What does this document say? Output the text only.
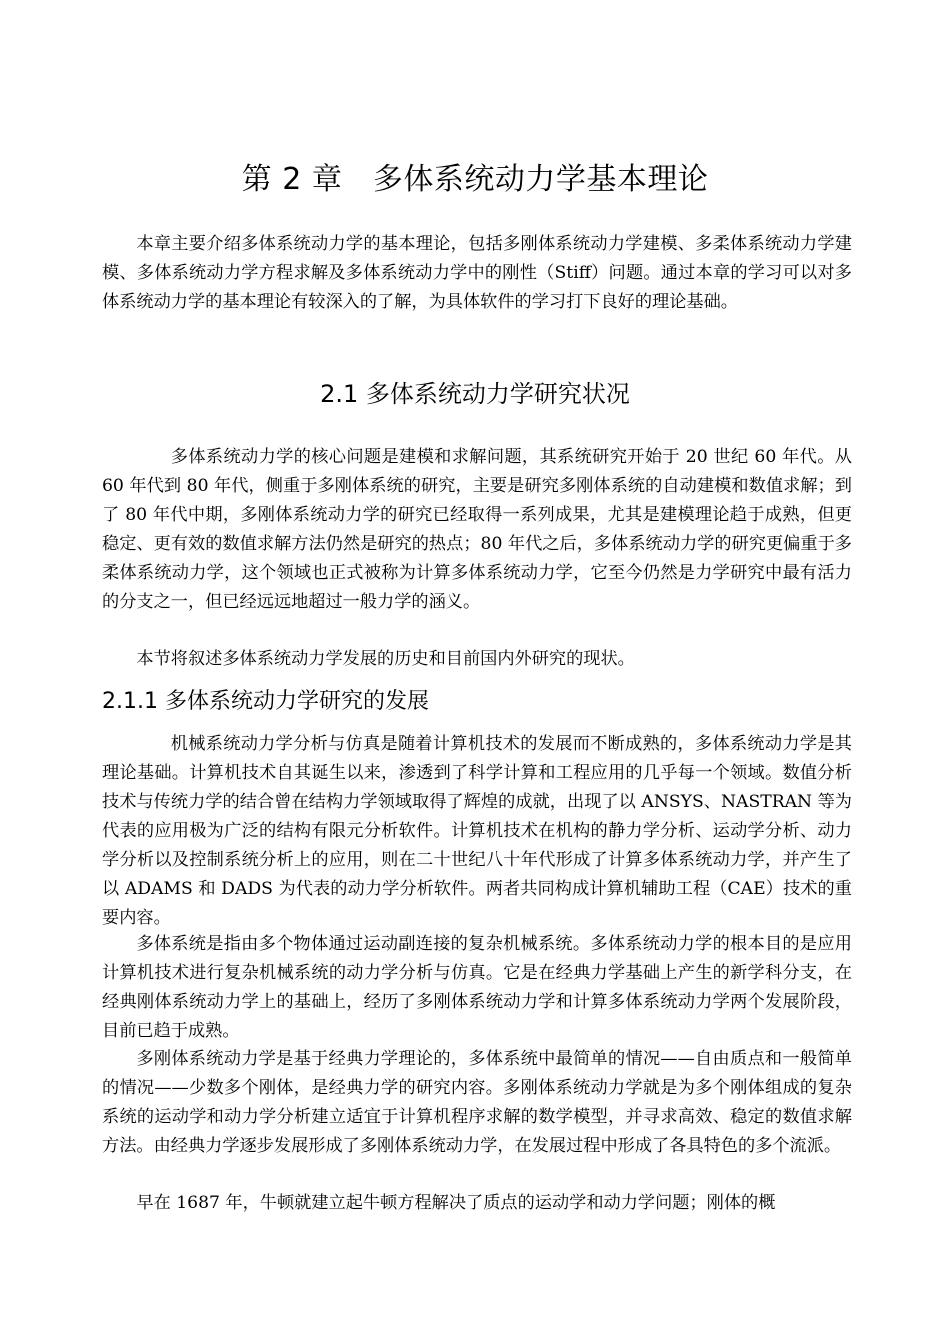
第 2 章　多体系统动力学基本理论

本章主要介绍多体系统动力学的基本理论，包括多刚体系统动力学建模、多柔体系统动力学建模、多体系统动力学方程求解及多体系统动力学中的刚性（Stiff）问题。通过本章的学习可以对多体系统动力学的基本理论有较深入的了解，为具体软件的学习打下良好的理论基础。

2.1 多体系统动力学研究状况

多体系统动力学的核心问题是建模和求解问题，其系统研究开始于 20 世纪 60 年代。从 60 年代到 80 年代，侧重于多刚体系统的研究，主要是研究多刚体系统的自动建模和数值求解；到了 80 年代中期，多刚体系统动力学的研究已经取得一系列成果，尤其是建模理论趋于成熟，但更稳定、更有效的数值求解方法仍然是研究的热点；80 年代之后，多体系统动力学的研究更偏重于多柔体系统动力学，这个领域也正式被称为计算多体系统动力学，它至今仍然是力学研究中最有活力的分支之一，但已经远远地超过一般力学的涵义。

本节将叙述多体系统动力学发展的历史和目前国内外研究的现状。

2.1.1 多体系统动力学研究的发展

机械系统动力学分析与仿真是随着计算机技术的发展而不断成熟的，多体系统动力学是其理论基础。计算机技术自其诞生以来，渗透到了科学计算和工程应用的几乎每一个领域。数值分析技术与传统力学的结合曾在结构力学领域取得了辉煌的成就，出现了以 ANSYS、NASTRAN 等为代表的应用极为广泛的结构有限元分析软件。计算机技术在机构的静力学分析、运动学分析、动力学分析以及控制系统分析上的应用，则在二十世纪八十年代形成了计算多体系统动力学，并产生了以 ADAMS 和 DADS 为代表的动力学分析软件。两者共同构成计算机辅助工程（CAE）技术的重要内容。

多体系统是指由多个物体通过运动副连接的复杂机械系统。多体系统动力学的根本目的是应用计算机技术进行复杂机械系统的动力学分析与仿真。它是在经典力学基础上产生的新学科分支，在经典刚体系统动力学上的基础上，经历了多刚体系统动力学和计算多体系统动力学两个发展阶段，目前已趋于成熟。

多刚体系统动力学是基于经典力学理论的，多体系统中最简单的情况——自由质点和一般简单的情况——少数多个刚体，是经典力学的研究内容。多刚体系统动力学就是为多个刚体组成的复杂系统的运动学和动力学分析建立适宜于计算机程序求解的数学模型，并寻求高效、稳定的数值求解方法。由经典力学逐步发展形成了多刚体系统动力学，在发展过程中形成了各具特色的多个流派。

早在 1687 年，牛顿就建立起牛顿方程解决了质点的运动学和动力学问题；刚体的概
